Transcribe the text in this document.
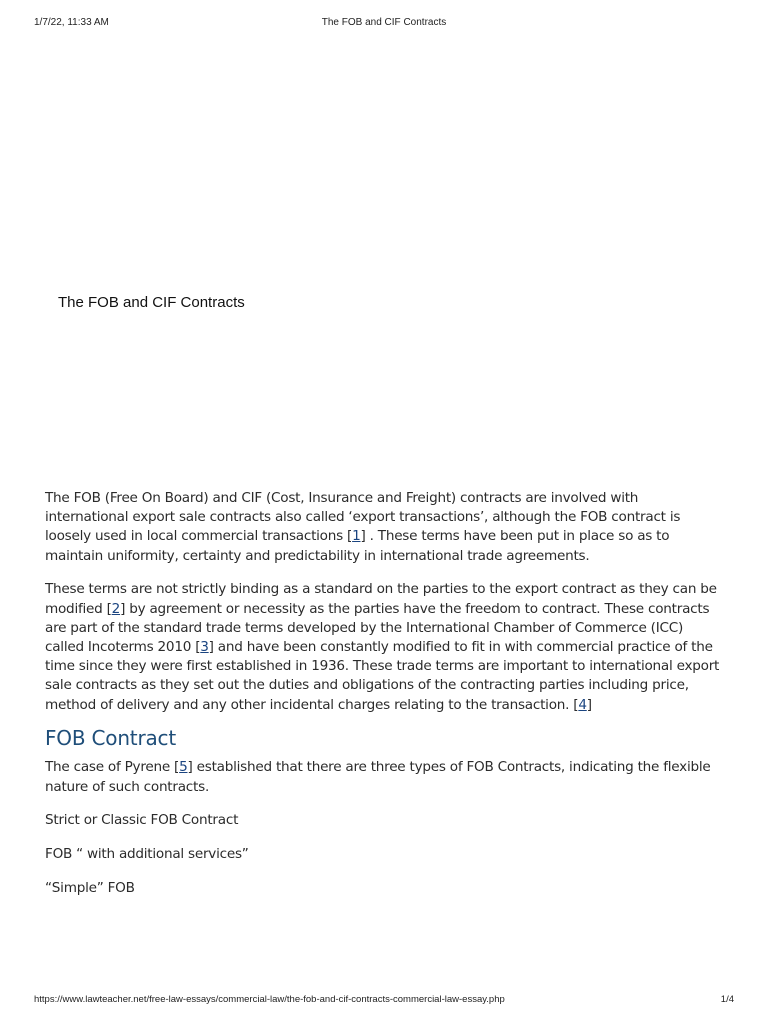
1/7/22, 11:33 AM	The FOB and CIF Contracts
The FOB and CIF Contracts

The FOB (Free On Board) and CIF (Cost, Insurance and Freight) contracts are involved with international export sale contracts also called ‘export transactions’, although the FOB contract is loosely used in local commercial transactions [1] . These terms have been put in place so as to maintain uniformity, certainty and predictability in international trade agreements.

These terms are not strictly binding as a standard on the parties to the export contract as they can be modified [2] by agreement or necessity as the parties have the freedom to contract. These contracts are part of the standard trade terms developed by the International Chamber of Commerce (ICC) called Incoterms 2010 [3] and have been constantly modified to fit in with commercial practice of the time since they were first established in 1936. These trade terms are important to international export sale contracts as they set out the duties and obligations of the contracting parties including price, method of delivery and any other incidental charges relating to the transaction. [4]

FOB Contract

The case of Pyrene [5] established that there are three types of FOB Contracts, indicating the flexible nature of such contracts.

Strict or Classic FOB Contract

FOB “ with additional services”

“Simple” FOB

https://www.lawteacher.net/free-law-essays/commercial-law/the-fob-and-cif-contracts-commercial-law-essay.php	1/4
